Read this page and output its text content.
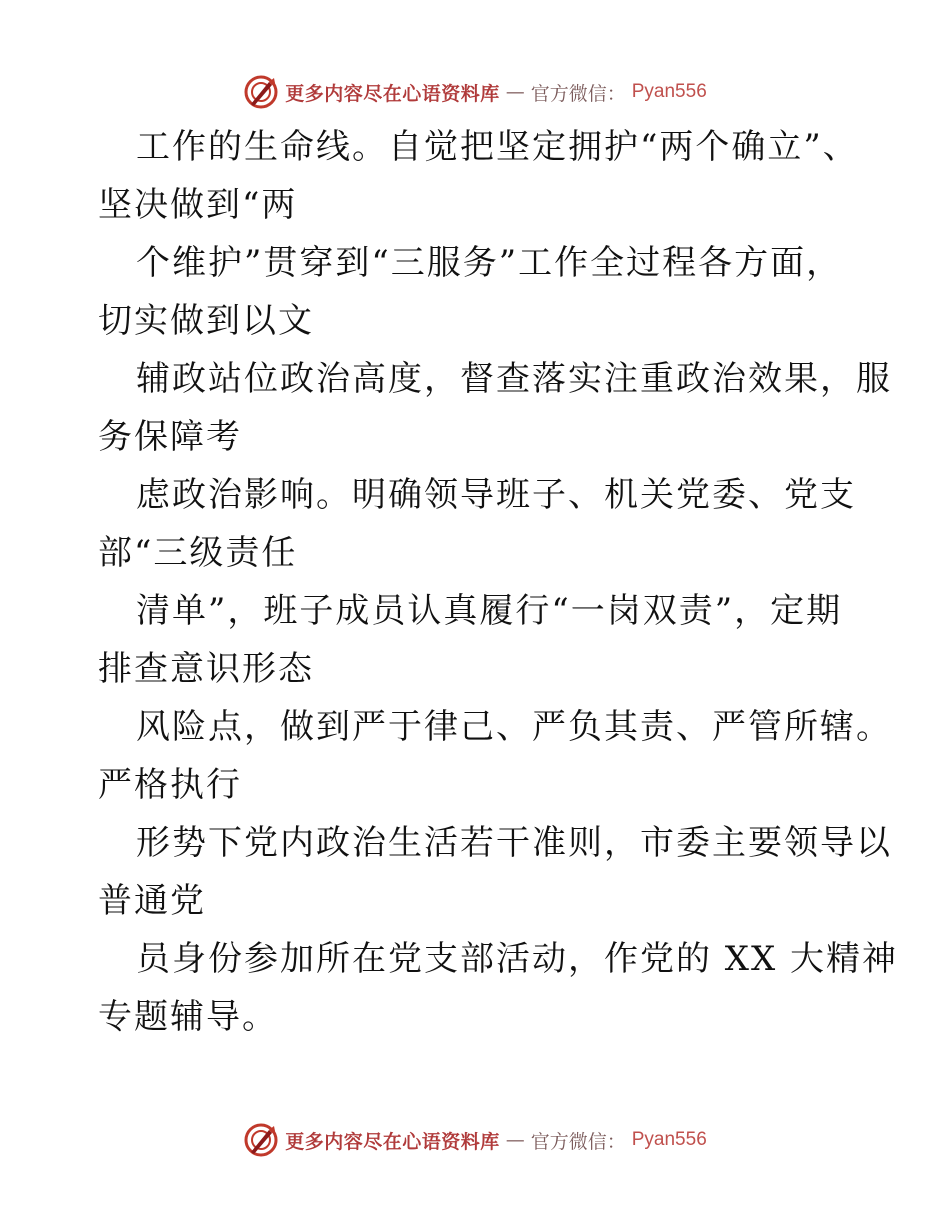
更多内容尽在心语资料库 — 官方微信： Pyan556
工作的生命线。自觉把坚定拥护“两个确立”、
坚决做到“两
个维护”贯穿到“三服务”工作全过程各方面，
切实做到以文
辅政站位政治高度，督查落实注重政治效果，服
务保障考
虑政治影响。明确领导班子、机关党委、党支
部“三级责任
清单”，班子成员认真履行“一岗双责”，定期
排查意识形态
风险点，做到严于律己、严负其责、严管所辖。
严格执行
形势下党内政治生活若干准则，市委主要领导以
普通党
员身份参加所在党支部活动，作党的 XX 大精神
专题辅导。
更多内容尽在心语资料库 — 官方微信： Pyan556
